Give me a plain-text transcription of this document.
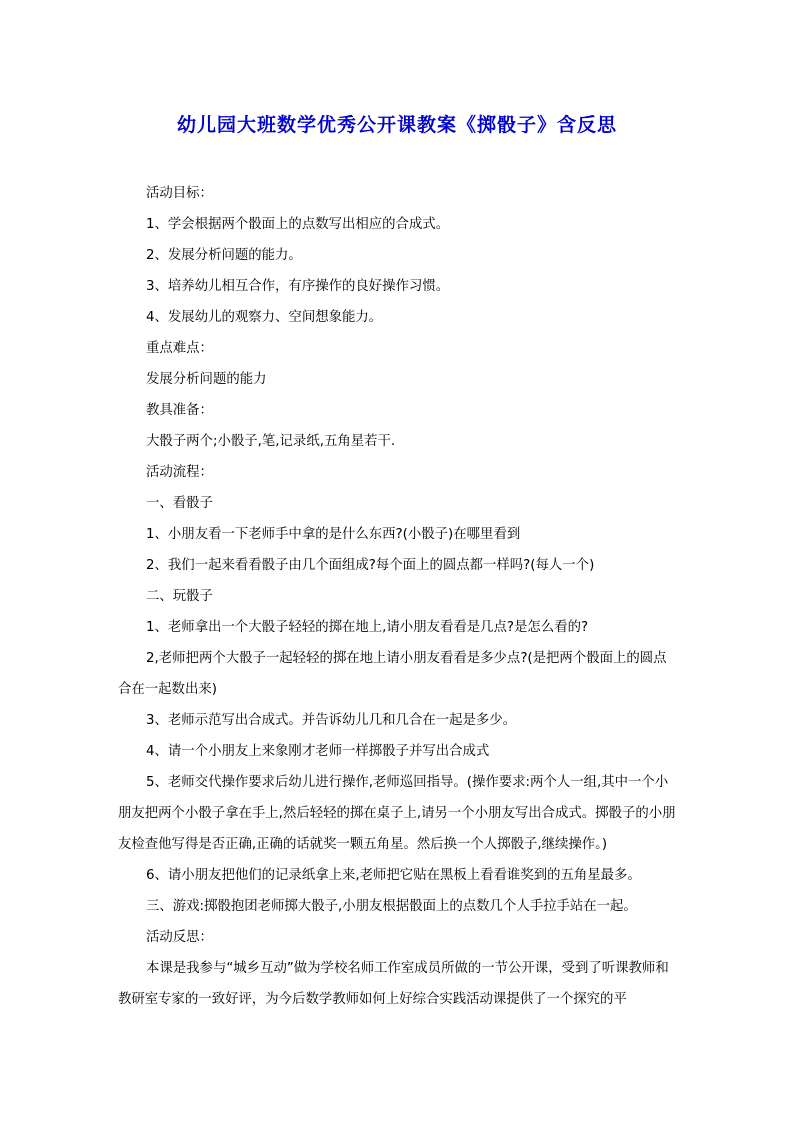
幼儿园大班数学优秀公开课教案《掷骰子》含反思

活动目标：

1、学会根据两个骰面上的点数写出相应的合成式。

2、发展分析问题的能力。

3、培养幼儿相互合作，有序操作的良好操作习惯。

4、发展幼儿的观察力、空间想象能力。

重点难点：

发展分析问题的能力

教具准备：

大骰子两个;小骰子,笔,记录纸,五角星若干.

活动流程：

一、看骰子

1、小朋友看一下老师手中拿的是什么东西?(小骰子)在哪里看到

2、我们一起来看看骰子由几个面组成?每个面上的圆点都一样吗?(每人一个)

二、玩骰子

1、老师拿出一个大骰子轻轻的掷在地上,请小朋友看看是几点?是怎么看的?

2,老师把两个大骰子一起轻轻的掷在地上请小朋友看看是多少点?(是把两个骰面上的圆点合在一起数出来)

3、老师示范写出合成式。并告诉幼儿几和几合在一起是多少。

4、请一个小朋友上来象刚才老师一样掷骰子并写出合成式

5、老师交代操作要求后幼儿进行操作,老师巡回指导。(操作要求:两个人一组,其中一个小朋友把两个小骰子拿在手上,然后轻轻的掷在桌子上,请另一个小朋友写出合成式。掷骰子的小朋友检查他写得是否正确,正确的话就奖一颗五角星。然后换一个人掷骰子,继续操作。)

6、请小朋友把他们的记录纸拿上来,老师把它贴在黑板上看看谁奖到的五角星最多。

三、游戏:掷骰抱团老师掷大骰子,小朋友根据骰面上的点数几个人手拉手站在一起。

活动反思：

本课是我参与“城乡互动”做为学校名师工作室成员所做的一节公开课，受到了听课教师和教研室专家的一致好评，为今后数学教师如何上好综合实践活动课提供了一个探究的平
